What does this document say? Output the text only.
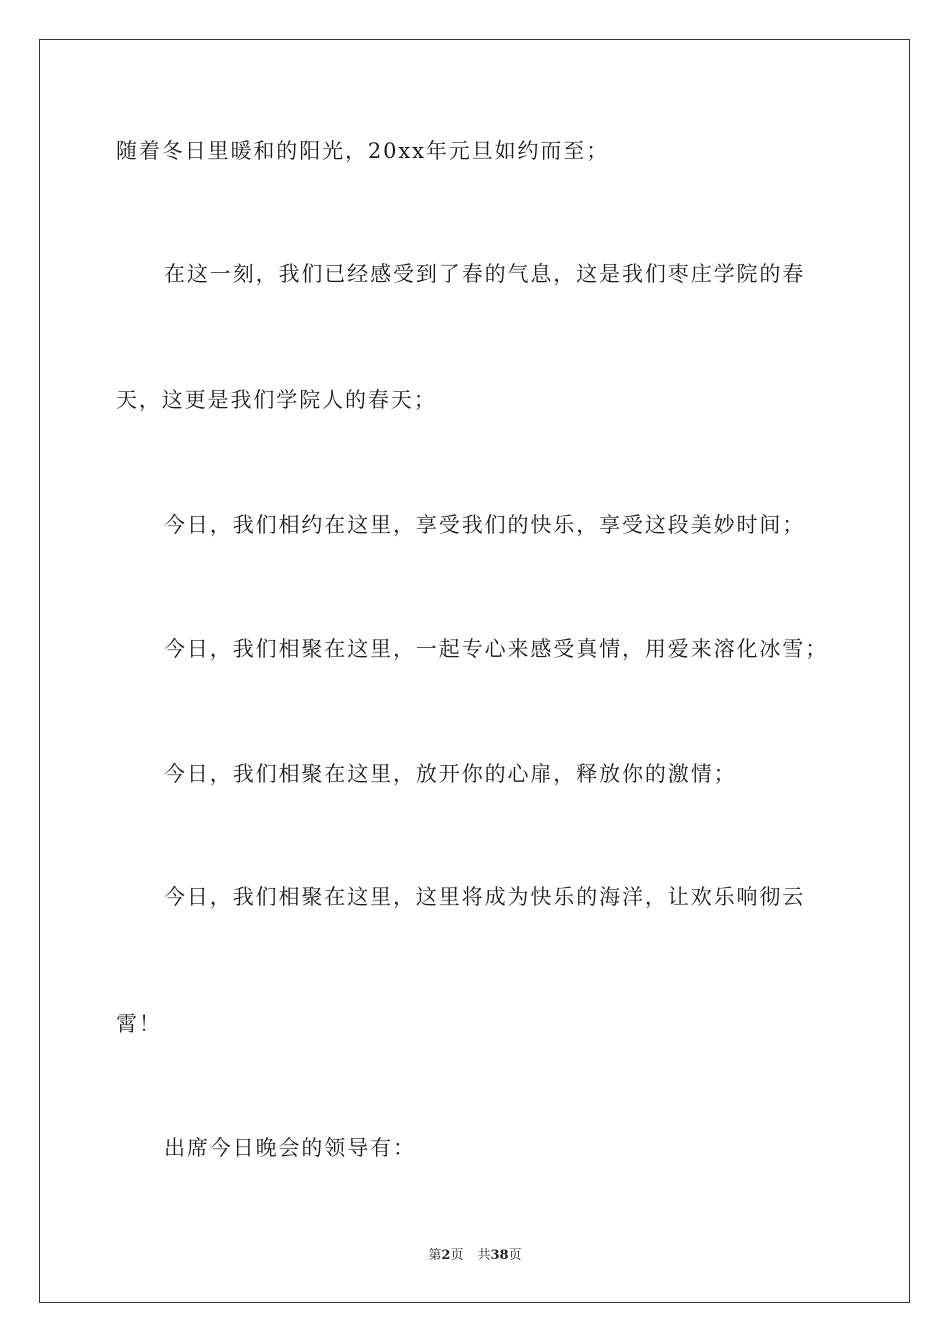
随着冬日里暖和的阳光，20xx年元旦如约而至；
在这一刻，我们已经感受到了春的气息，这是我们枣庄学院的春
天，这更是我们学院人的春天；
今日，我们相约在这里，享受我们的快乐，享受这段美妙时间；
今日，我们相聚在这里，一起专心来感受真情，用爱来溶化冰雪；
今日，我们相聚在这里，放开你的心扉，释放你的激情；
今日，我们相聚在这里，这里将成为快乐的海洋，让欢乐响彻云
霄！
出席今日晚会的领导有：
第2页 共38页
